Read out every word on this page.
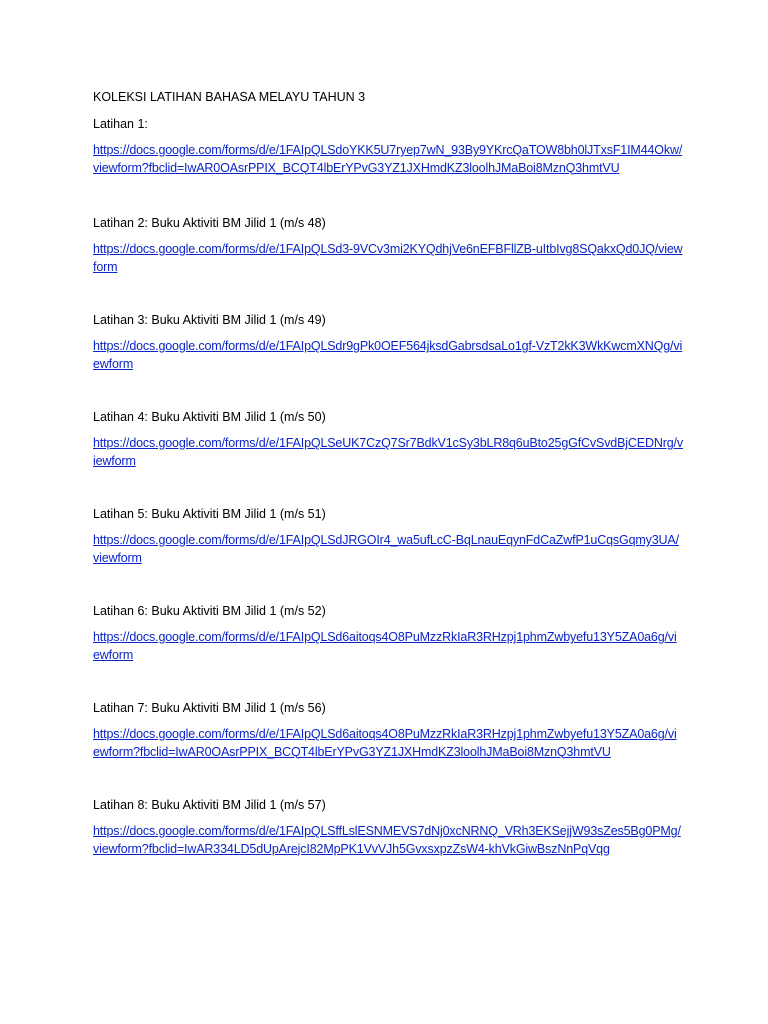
KOLEKSI LATIHAN BAHASA MELAYU TAHUN 3
Latihan 1:
https://docs.google.com/forms/d/e/1FAIpQLSdoYKK5U7ryep7wN_93By9YKrcQaTOW8bh0lJTxsF1IM44Okw/viewform?fbclid=IwAR0OAsrPPIX_BCQT4lbErYPvG3YZ1JXHmdKZ3loolhJMaBoi8MznQ3hmtVU
Latihan 2: Buku Aktiviti BM Jilid 1 (m/s 48)
https://docs.google.com/forms/d/e/1FAIpQLSd3-9VCv3mi2KYQdhjVe6nEFBFllZB-uItbIvg8SQakxQd0JQ/viewform
Latihan 3: Buku Aktiviti BM Jilid 1 (m/s 49)
https://docs.google.com/forms/d/e/1FAIpQLSdr9gPk0OEF564jksdGabrsdsaLo1gf-VzT2kK3WkKwcmXNQg/viewform
Latihan 4: Buku Aktiviti BM Jilid 1 (m/s 50)
https://docs.google.com/forms/d/e/1FAIpQLSeUK7CzQ7Sr7BdkV1cSy3bLR8q6uBto25gGfCvSvdBjCEDNrg/viewform
Latihan 5: Buku Aktiviti BM Jilid 1 (m/s 51)
https://docs.google.com/forms/d/e/1FAIpQLSdJRGOIr4_wa5ufLcC-BqLnauEqynFdCaZwfP1uCqsGqmy3UA/viewform
Latihan 6: Buku Aktiviti BM Jilid 1 (m/s 52)
https://docs.google.com/forms/d/e/1FAIpQLSd6aitoqs4O8PuMzzRkIaR3RHzpj1phmZwbyefu13Y5ZA0a6g/viewform
Latihan 7: Buku Aktiviti BM Jilid 1 (m/s 56)
https://docs.google.com/forms/d/e/1FAIpQLSd6aitoqs4O8PuMzzRkIaR3RHzpj1phmZwbyefu13Y5ZA0a6g/viewform?fbclid=IwAR0OAsrPPIX_BCQT4lbErYPvG3YZ1JXHmdKZ3loolhJMaBoi8MznQ3hmtVU
Latihan 8: Buku Aktiviti BM Jilid 1 (m/s 57)
https://docs.google.com/forms/d/e/1FAIpQLSffLslESNMEVS7dNj0xcNRNQ_VRh3EKSejjW93sZes5Bg0PMg/viewform?fbclid=IwAR334LD5dUpArejcI82MpPK1VvVJh5GvxsxpzZsW4-khVkGiwBszNnPqVqg
